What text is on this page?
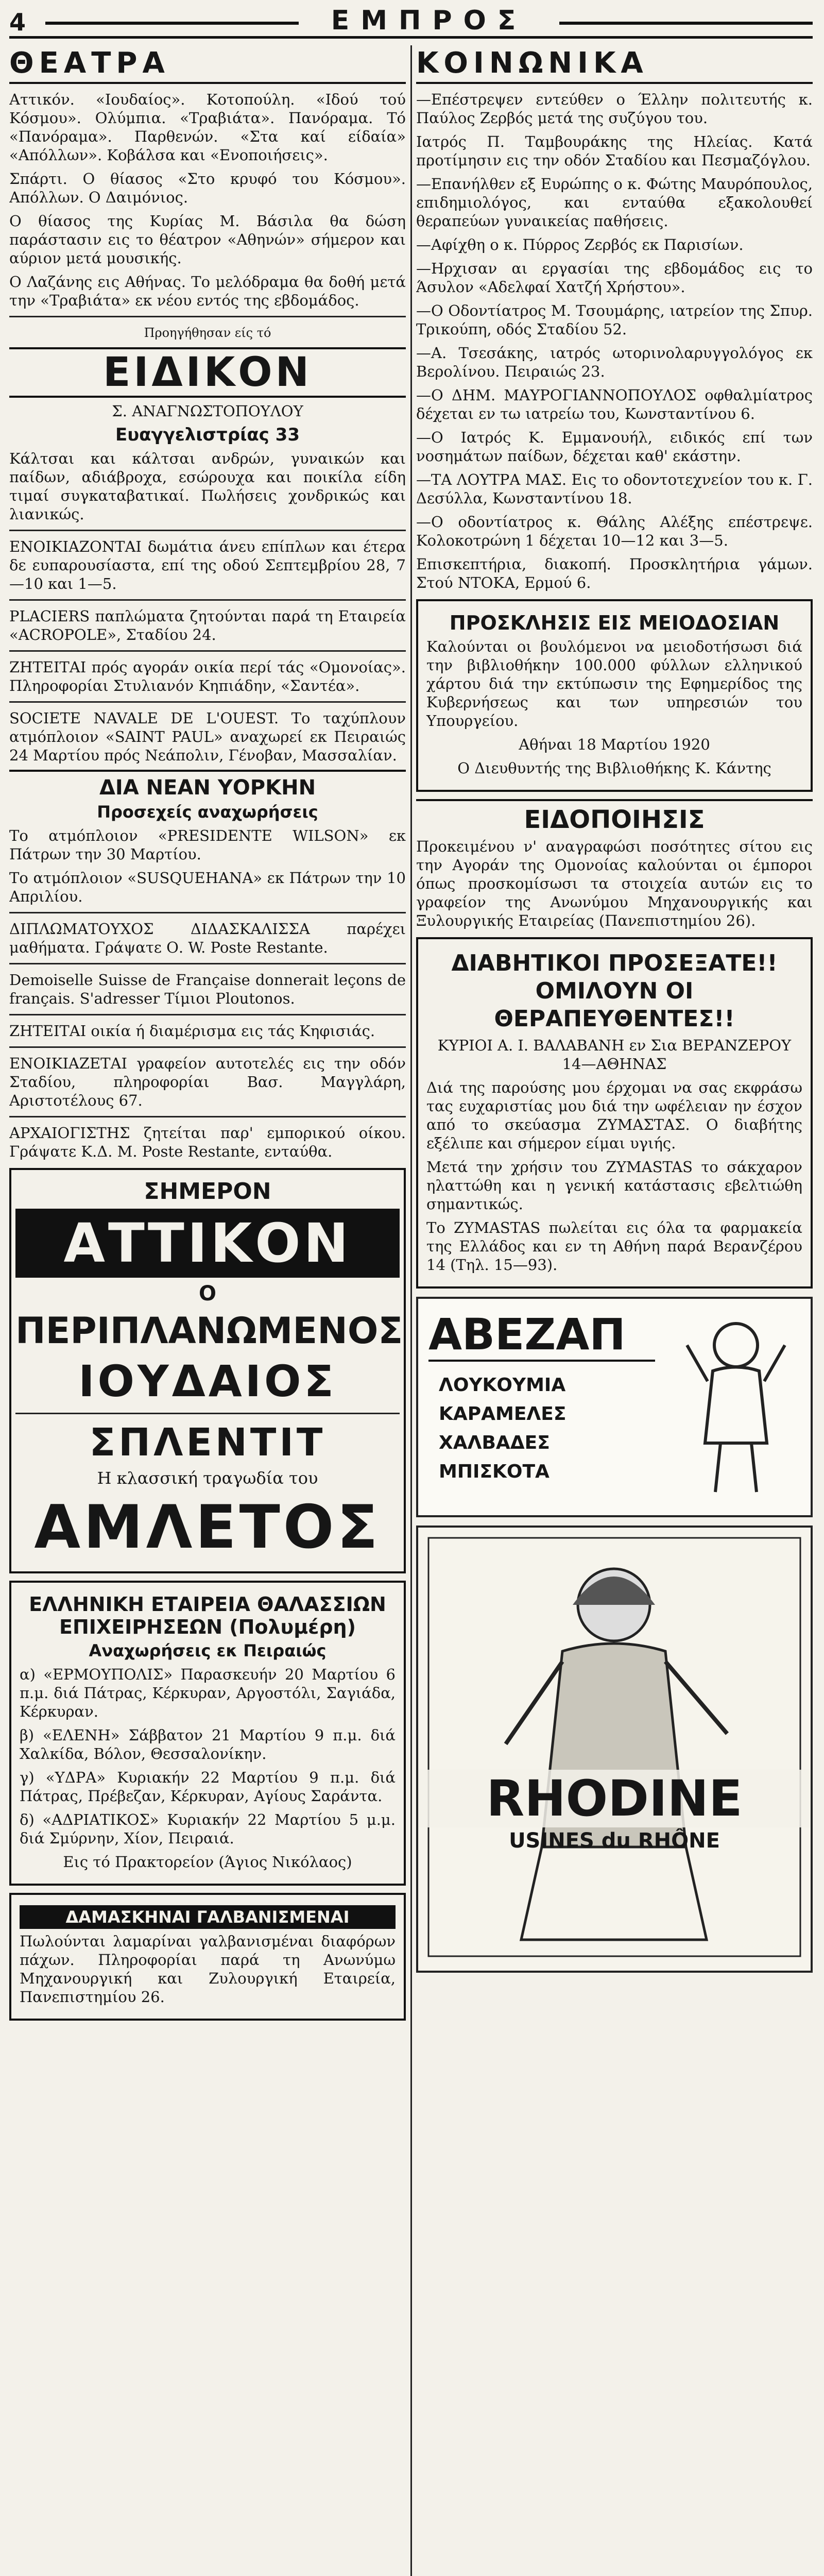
4	ΕΜΠΡΟΣ
ΘΕΑΤΡΑ

Αττικόν. «Ιουδαίος». Κοτοπούλη. «Ιδού τού Κόσμου». Ολύμπια. «Τραβιάτα». Πανόραμα. Τό «Πανόραμα». Παρθενών. «Στα καί είδαία» «Απόλλων». Κοβάλσα και «Ενοποιήσεις».

Σπάρτι. Ο θίασος «Στο κρυφό του Κόσμου». Απόλλων. Ο Δαιμόνιος.

Ο θίασος της Κυρίας Μ. Βάσιλα θα δώση παράστασιν εις το θέατρον «Αθηνών» σήμερον και αύριον μετά μουσικής.

Ο Λαζάνης εις Αθήνας. Το μελόδραμα θα δοθή μετά την «Τραβιάτα» εκ νέου εντός της εβδομάδος.

Προηγήθησαν είς τό

ΕΙΔΙΚΟΝ

Σ. ΑΝΑΓΝΩΣΤΟΠΟΥΛΟΥ

Ευαγγελιστρίας 33

Κάλτσαι και κάλτσαι ανδρών, γυναικών και παίδων, αδιάβροχα, εσώρουχα και ποικίλα είδη τιμαί συγκαταβατικαί. Πωλήσεις χονδρικώς και λιανικώς.

ΕΝΟΙΚΙΑΖΟΝΤΑΙ δωμάτια άνευ επίπλων και έτερα δε ευπαρουσίαστα, επί της οδού Σεπτεμβρίου 28, 7—10 και 1—5.

PLACIERS παπλώματα ζητούνται παρά τη Εταιρεία «ACROPOLE», Σταδίου 24.

ΖΗΤΕΙΤΑΙ πρός αγοράν οικία περί τάς «Ομονοίας». Πληροφορίαι Στυλιανόν Κηπιάδην, «Σαντέα».

SOCIETE NAVALE DE L'OUEST. Το ταχύπλουν ατμόπλοιον «SAINT PAUL» αναχωρεί εκ Πειραιώς 24 Μαρτίου πρός Νεάπολιν, Γένοβαν, Μασσαλίαν.

ΔΙΑ ΝΕΑΝ ΥΟΡΚΗΝ

Προσεχείς αναχωρήσεις

Το ατμόπλοιον «PRESIDENTE WILSON» εκ Πάτρων την 30 Μαρτίου.

Το ατμόπλοιον «SUSQUEHANA» εκ Πάτρων την 10 Απριλίου.

ΔΙΠΛΩΜΑΤΟΥΧΟΣ ΔΙΔΑΣΚΑΛΙΣΣΑ παρέχει μαθήματα. Γράψατε Ο. W. Poste Restante.

Demoiselle Suisse de Française donnerait leçons de français. S'adresser Τίμιοι Ploutonos.

ΖΗΤΕΙΤΑΙ οικία ή διαμέρισμα εις τάς Κηφισιάς.

ΕΝΟΙΚΙΑΖΕΤΑΙ γραφείον αυτοτελές εις την οδόν Σταδίου, πληροφορίαι Βασ. Μαγγλάρη, Αριστοτέλους 67.

ΑΡΧΑΙΟΓΙΣΤΗΣ ζητείται παρ' εμπορικού οίκου. Γράψατε Κ.Δ. Μ. Poste Restante, ενταύθα.

ΣΗΜΕΡΟΝ
ΑΤΤΙΚΟΝ
Ο
ΠΕΡΙΠΛΑΝΩΜΕΝΟΣ
ΙΟΥΔΑΙΟΣ
ΣΠΛΕΝΤΙΤ

Η κλασσική τραγωδία του

ΑΜΛΕΤΟΣ
ΕΛΛΗΝΙΚΗ ΕΤΑΙΡΕΙΑ ΘΑΛΑΣΣΙΩΝ ΕΠΙΧΕΙΡΗΣΕΩΝ (Πολυμέρη)

Αναχωρήσεις εκ Πειραιώς

α) «ΕΡΜΟΥΠΟΛΙΣ» Παρασκευήν 20 Μαρτίου 6 π.μ. διά Πάτρας, Κέρκυραν, Αργοστόλι, Σαγιάδα, Κέρκυραν.

β) «ΕΛΕΝΗ» Σάββατον 21 Μαρτίου 9 π.μ. διά Χαλκίδα, Βόλον, Θεσσαλονίκην.

γ) «ΥΔΡΑ» Κυριακήν 22 Μαρτίου 9 π.μ. διά Πάτρας, Πρέβεζαν, Κέρκυραν, Αγίους Σαράντα.

δ) «ΑΔΡΙΑΤΙΚΟΣ» Κυριακήν 22 Μαρτίου 5 μ.μ. διά Σμύρνην, Χίον, Πειραιά.

Εις τό Πρακτορείον (Άγιος Νικόλαος)

ΔΑΜΑΣΚΗΝΑΙ ΓΑΛΒΑΝΙΣΜΕΝΑΙ

Πωλούνται λαμαρίναι γαλβανισμέναι διαφόρων πάχων. Πληροφορίαι παρά τη Ανωνύμω Μηχανουργική και Ζυλουργική Εταιρεία, Πανεπιστημίου 26.

ΚΟΙΝΩΝΙΚΑ

—Επέστρεψεν εντεύθεν ο Έλλην πολιτευτής κ. Παύλος Ζερβός μετά της συζύγου του.

Ιατρός Π. Ταμβουράκης της Ηλείας. Κατά προτίμησιν εις την οδόν Σταδίου και Πεσμαζόγλου.

—Επανήλθεν εξ Ευρώπης ο κ. Φώτης Μαυρόπουλος, επιδημιολόγος, και ενταύθα εξακολουθεί θεραπεύων γυναικείας παθήσεις.

—Αφίχθη ο κ. Πύρρος Ζερβός εκ Παρισίων.

—Ηρχισαν αι εργασίαι της εβδομάδος εις το Άσυλον «Αδελφαί Χατζή Χρήστου».

—Ο Οδοντίατρος Μ. Τσουμάρης, ιατρείον της Σπυρ. Τρικούπη, οδός Σταδίου 52.

—Α. Τσεσάκης, ιατρός ωτορινολαρυγγολόγος εκ Βερολίνου. Πειραιώς 23.

—Ο ΔΗΜ. ΜΑΥΡΟΓΙΑΝΝΟΠΟΥΛΟΣ οφθαλμίατρος δέχεται εν τω ιατρείω του, Κωνσταντίνου 6.

—Ο Ιατρός Κ. Εμμανουήλ, ειδικός επί των νοσημάτων παίδων, δέχεται καθ' εκάστην.

—ΤΑ ΛΟΥΤΡΑ ΜΑΣ. Εις το οδοντοτεχνείον του κ. Γ. Δεσύλλα, Κωνσταντίνου 18.

—Ο οδοντίατρος κ. Θάλης Αλέξης επέστρεψε. Κολοκοτρώνη 1 δέχεται 10—12 και 3—5.

Επισκεπτήρια, διακοπή. Προσκλητήρια γάμων. Στού ΝΤΟΚΑ, Ερμού 6.

ΠΡΟΣΚΛΗΣΙΣ ΕΙΣ ΜΕΙΟΔΟΣΙΑΝ

Καλούνται οι βουλόμενοι να μειοδοτήσωσι διά την βιβλιοθήκην 100.000 φύλλων ελληνικού χάρτου διά την εκτύπωσιν της Εφημερίδος της Κυβερνήσεως και των υπηρεσιών του Υπουργείου.

Αθήναι 18 Μαρτίου 1920

Ο Διευθυντής της Βιβλιοθήκης Κ. Κάντης

ΕΙΔΟΠΟΙΗΣΙΣ

Προκειμένου ν' αναγραφώσι ποσότητες σίτου εις την Αγοράν της Ομονοίας καλούνται οι έμποροι όπως προσκομίσωσι τα στοιχεία αυτών εις το γραφείον της Ανωνύμου Μηχανουργικής και Ξυλουργικής Εταιρείας (Πανεπιστημίου 26).

ΔΙΑΒΗΤΙΚΟΙ ΠΡΟΣΕΞΑΤΕ!! ΟΜΙΛΟΥΝ ΟΙ ΘΕΡΑΠΕΥΘΕΝΤΕΣ!!

ΚΥΡΙΟΙ Α. Ι. ΒΑΛΑΒΑΝΗ εν Σια ΒΕΡΑΝΖΕΡΟΥ 14—ΑΘΗΝΑΣ

Διά της παρούσης μου έρχομαι να σας εκφράσω τας ευχαριστίας μου διά την ωφέλειαν ην έσχον από το σκεύασμα ΖΥΜΑΣΤΑΣ. Ο διαβήτης εξέλιπε και σήμερον είμαι υγιής.

Μετά την χρήσιν του ZYMASTAS το σάκχαρον ηλαττώθη και η γενική κατάστασις εβελτιώθη σημαντικώς.

Το ZYMASTAS πωλείται εις όλα τα φαρμακεία της Ελλάδος και εν τη Αθήνη παρά Βερανζέρου 14 (Τηλ. 15—93).

ΑΒΕΖΑΠ
ΛΟΥΚΟΥΜΙΑ
ΚΑΡΑΜΕΛΕΣ
ΧΑΛΒΑΔΕΣ
ΜΠΙΣΚΟΤΑ
RHODINE
USINES du RHÔNE
